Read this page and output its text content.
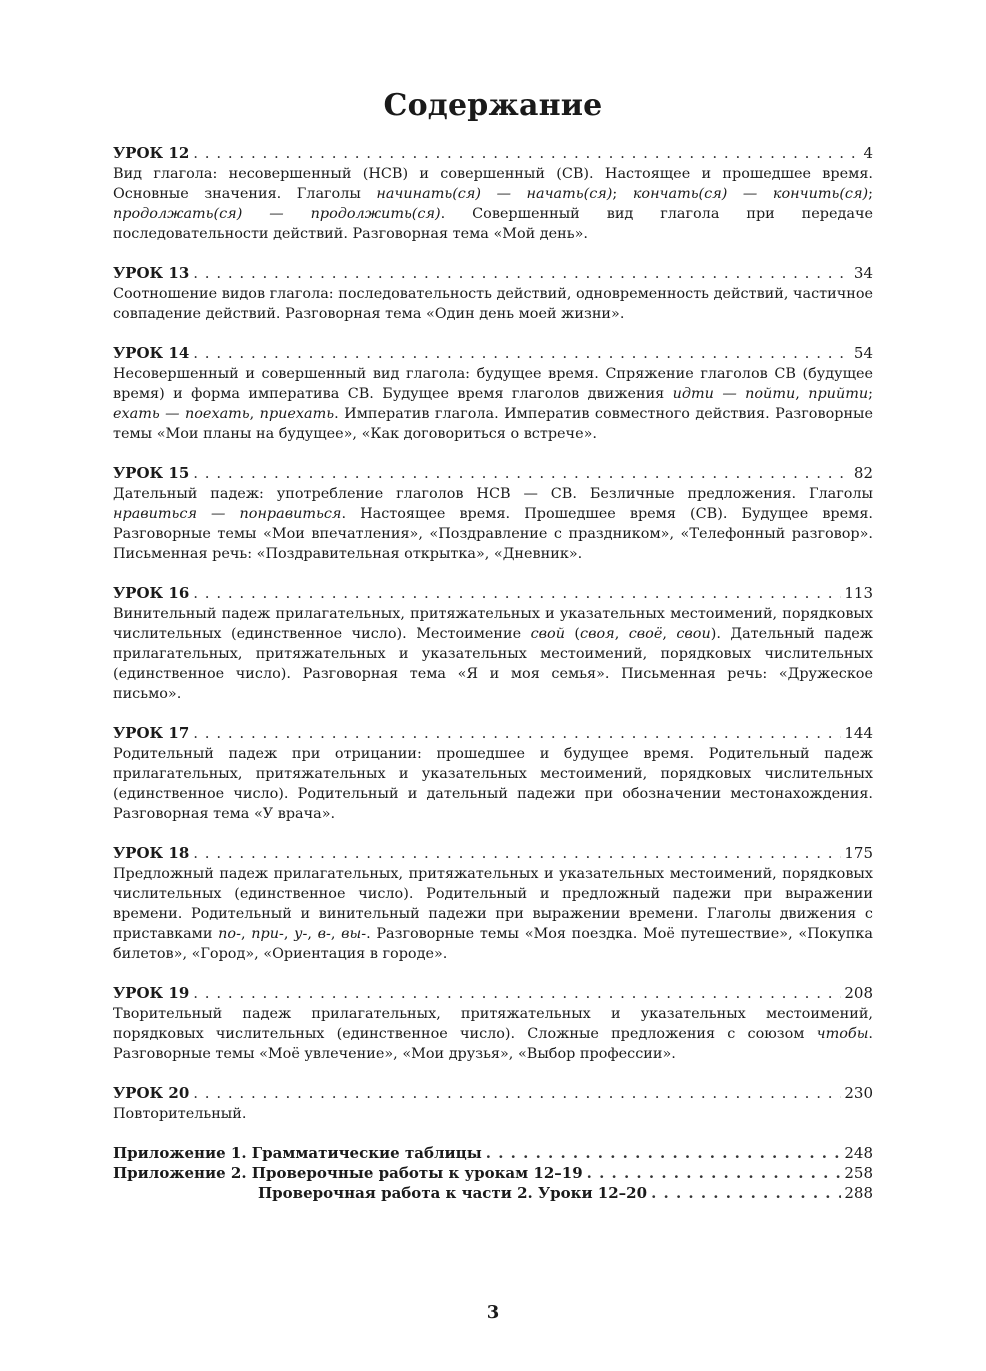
Содержание
УРОК 12 . . .	4
Вид глагола: несовершенный (НСВ) и совершенный (СВ). Настоящее и прошедшее время. Основные значения. Глаголы начинать(ся) — начать(ся); кончать(ся) — кончить(ся); продолжать(ся) — продолжить(ся). Совершенный вид глагола при передаче последовательности действий. Разговорная тема «Мой день».
УРОК 13 . . .	34
Соотношение видов глагола: последовательность действий, одновременность действий, частичное совпадение действий. Разговорная тема «Один день моей жизни».
УРОК 14 . . .	54
Несовершенный и совершенный вид глагола: будущее время. Спряжение глаголов СВ (будущее время) и форма императива СВ. Будущее время глаголов движения идти — пойти, прийти; ехать — поехать, приехать. Императив глагола. Императив совместного действия. Разговорные темы «Мои планы на будущее», «Как договориться о встрече».
УРОК 15 . . .	82
Дательный падеж: употребление глаголов НСВ — СВ. Безличные предложения. Глаголы нравиться — понравиться. Настоящее время. Прошедшее время (СВ). Будущее время. Разговорные темы «Мои впечатления», «Поздравление с праздником», «Телефонный разговор». Письменная речь: «Поздравительная открытка», «Дневник».
УРОК 16 . . .	113
Винительный падеж прилагательных, притяжательных и указательных местоимений, порядковых числительных (единственное число). Местоимение свой (своя, своё, свои). Дательный падеж прилагательных, притяжательных и указательных местоимений, порядковых числительных (единственное число). Разговорная тема «Я и моя семья». Письменная речь: «Дружеское письмо».
УРОК 17 . . .	144
Родительный падеж при отрицании: прошедшее и будущее время. Родительный падеж прилагательных, притяжательных и указательных местоимений, порядковых числительных (единственное число). Родительный и дательный падежи при обозначении местонахождения. Разговорная тема «У врача».
УРОК 18 . . .	175
Предложный падеж прилагательных, притяжательных и указательных местоимений, порядковых числительных (единственное число). Родительный и предложный падежи при выражении времени. Родительный и винительный падежи при выражении времени. Глаголы движения с приставками по-, при-, у-, в-, вы-. Разговорные темы «Моя поездка. Моё путешествие», «Покупка билетов», «Город», «Ориентация в городе».
УРОК 19 . . .	208
Творительный падеж прилагательных, притяжательных и указательных местоимений, порядковых числительных (единственное число). Сложные предложения с союзом чтобы. Разговорные темы «Моё увлечение», «Мои друзья», «Выбор профессии».
УРОК 20 . . .	230
Повторительный.
Приложение 1. Грамматические таблицы . . .	248
Приложение 2. Проверочные работы к урокам 12–19 . . .	258
Проверочная работа к части 2. Уроки 12–20 . . .	288
3
